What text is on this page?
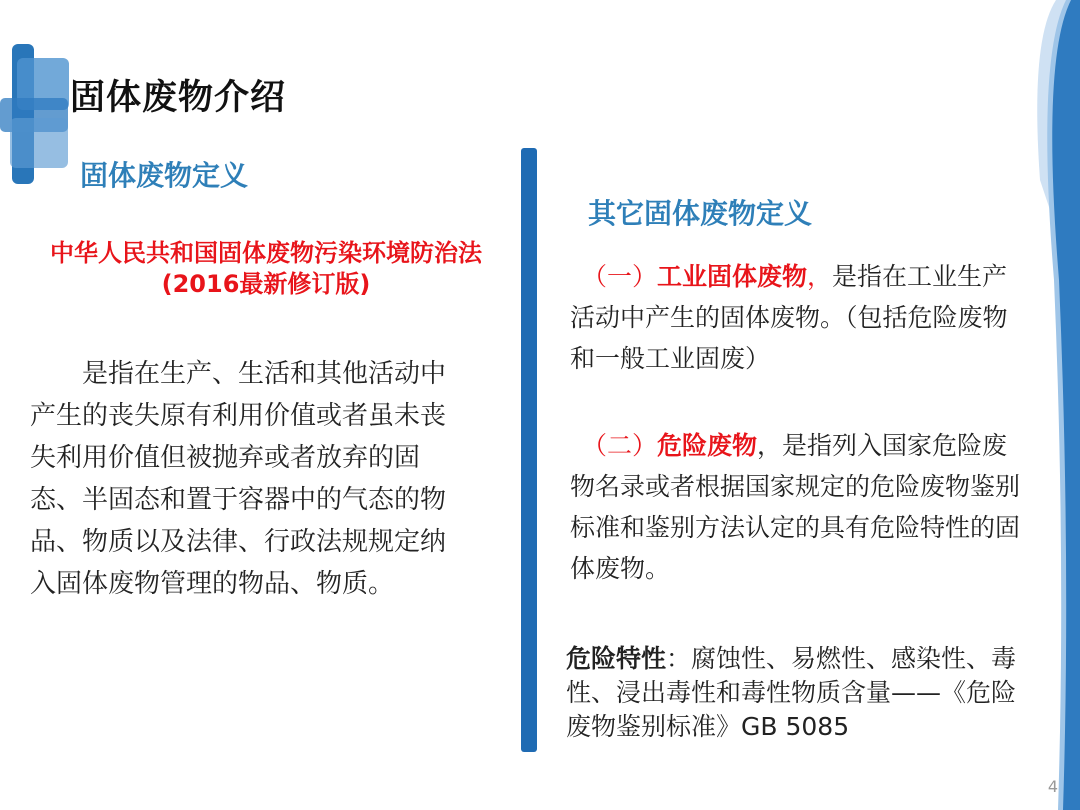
固体废物介绍
固体废物定义
中华人民共和国固体废物污染环境防治法
(2016最新修订版)
是指在生产、生活和其他活动中产生的丧失原有利用价值或者虽未丧失利用价值但被抛弃或者放弃的固态、半固态和置于容器中的气态的物品、物质以及法律、行政法规规定纳入固体废物管理的物品、物质。
其它固体废物定义
（一）工业固体废物，是指在工业生产活动中产生的固体废物。（包括危险废物和一般工业固废）
（二）危险废物，是指列入国家危险废物名录或者根据国家规定的危险废物鉴别标准和鉴别方法认定的具有危险特性的固体废物。
危险特性：腐蚀性、易燃性、感染性、毒性、浸出毒性和毒性物质含量——《危险废物鉴别标准》GB 5085
4
